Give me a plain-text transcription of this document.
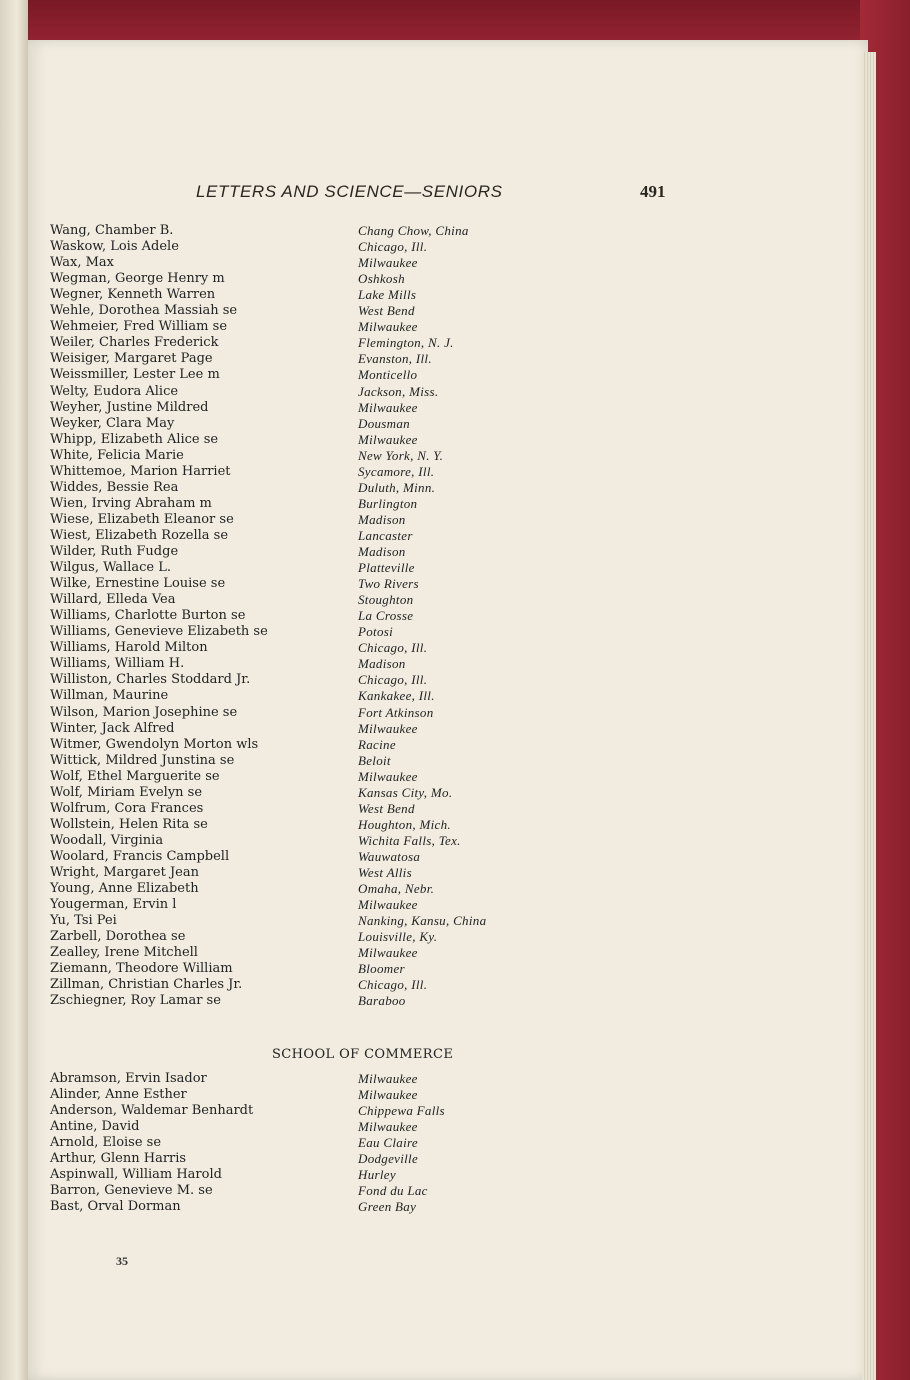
LETTERS AND SCIENCE—SENIORS	491
Wang, Chamber B.	Chang Chow, China
Waskow, Lois Adele	Chicago, Ill.
Wax, Max	Milwaukee
Wegman, George Henry m	Oshkosh
Wegner, Kenneth Warren	Lake Mills
Wehle, Dorothea Massiah se	West Bend
Wehmeier, Fred William se	Milwaukee
Weiler, Charles Frederick	Flemington, N. J.
Weisiger, Margaret Page	Evanston, Ill.
Weissmiller, Lester Lee m	Monticello
Welty, Eudora Alice	Jackson, Miss.
Weyher, Justine Mildred	Milwaukee
Weyker, Clara May	Dousman
Whipp, Elizabeth Alice se	Milwaukee
White, Felicia Marie	New York, N. Y.
Whittemoe, Marion Harriet	Sycamore, Ill.
Widdes, Bessie Rea	Duluth, Minn.
Wien, Irving Abraham m	Burlington
Wiese, Elizabeth Eleanor se	Madison
Wiest, Elizabeth Rozella se	Lancaster
Wilder, Ruth Fudge	Madison
Wilgus, Wallace L.	Platteville
Wilke, Ernestine Louise se	Two Rivers
Willard, Elleda Vea	Stoughton
Williams, Charlotte Burton se	La Crosse
Williams, Genevieve Elizabeth se	Potosi
Williams, Harold Milton	Chicago, Ill.
Williams, William H.	Madison
Williston, Charles Stoddard Jr.	Chicago, Ill.
Willman, Maurine	Kankakee, Ill.
Wilson, Marion Josephine se	Fort Atkinson
Winter, Jack Alfred	Milwaukee
Witmer, Gwendolyn Morton wls	Racine
Wittick, Mildred Junstina se	Beloit
Wolf, Ethel Marguerite se	Milwaukee
Wolf, Miriam Evelyn se	Kansas City, Mo.
Wolfrum, Cora Frances	West Bend
Wollstein, Helen Rita se	Houghton, Mich.
Woodall, Virginia	Wichita Falls, Tex.
Woolard, Francis Campbell	Wauwatosa
Wright, Margaret Jean	West Allis
Young, Anne Elizabeth	Omaha, Nebr.
Yougerman, Ervin l	Milwaukee
Yu, Tsi Pei	Nanking, Kansu, China
Zarbell, Dorothea se	Louisville, Ky.
Zealley, Irene Mitchell	Milwaukee
Ziemann, Theodore William	Bloomer
Zillman, Christian Charles Jr.	Chicago, Ill.
Zschiegner, Roy Lamar se	Baraboo
SCHOOL OF COMMERCE
Abramson, Ervin Isador	Milwaukee
Alinder, Anne Esther	Milwaukee
Anderson, Waldemar Benhardt	Chippewa Falls
Antine, David	Milwaukee
Arnold, Eloise se	Eau Claire
Arthur, Glenn Harris	Dodgeville
Aspinwall, William Harold	Hurley
Barron, Genevieve M. se	Fond du Lac
Bast, Orval Dorman	Green Bay
35
